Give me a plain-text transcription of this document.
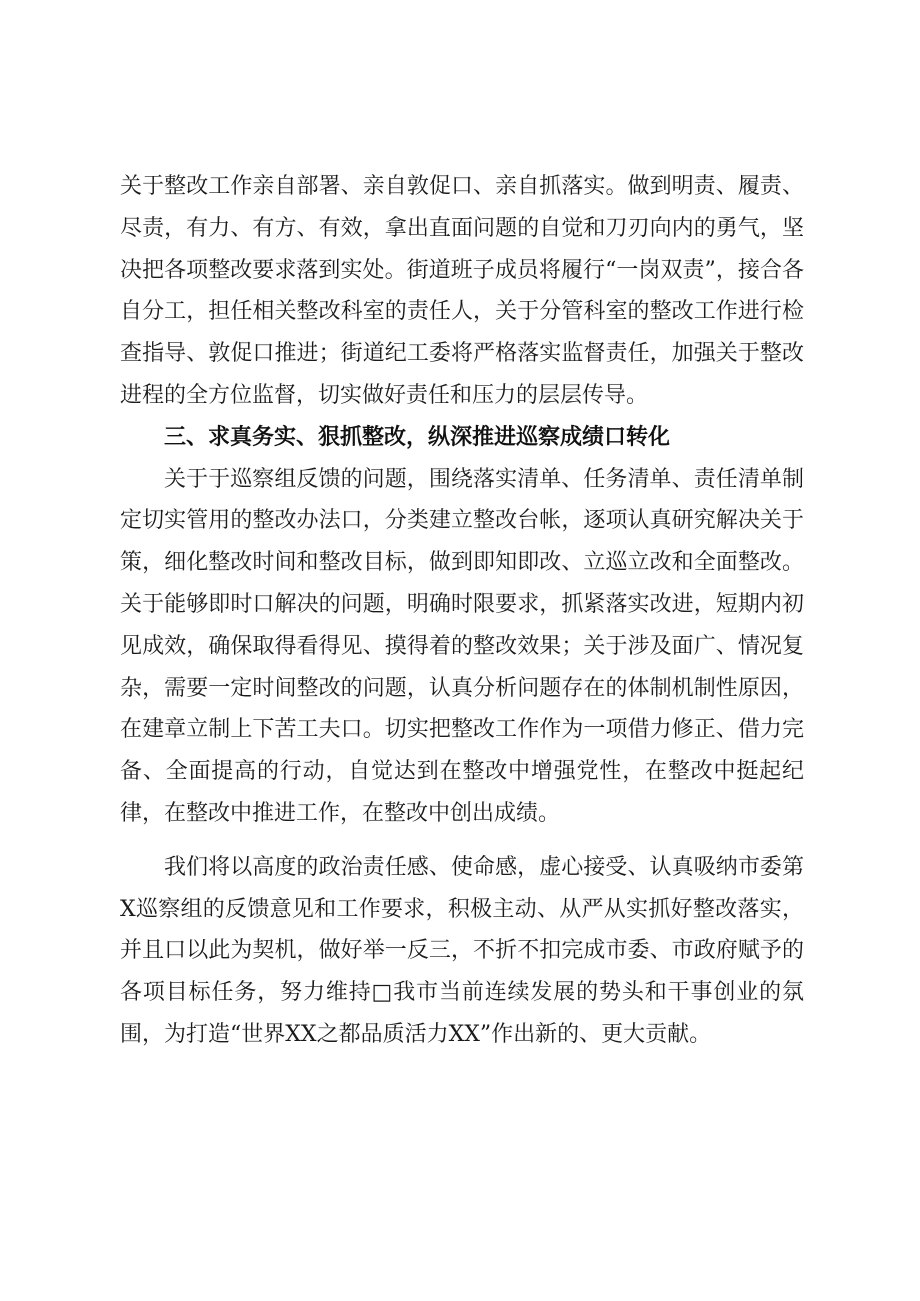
关于整改工作亲自部署、亲自敦促口、亲自抓落实。做到明责、履责、尽责，有力、有方、有效，拿出直面问题的自觉和刀刃向内的勇气，坚决把各项整改要求落到实处。街道班子成员将履行“一岗双责”，接合各自分工，担任相关整改科室的责任人，关于分管科室的整改工作进行检查指导、敦促口推进；街道纪工委将严格落实监督责任，加强关于整改进程的全方位监督，切实做好责任和压力的层层传导。

三、求真务实、狠抓整改，纵深推进巡察成绩口转化

关于于巡察组反馈的问题，围绕落实清单、任务清单、责任清单制定切实管用的整改办法口，分类建立整改台帐，逐项认真研究解决关于策，细化整改时间和整改目标，做到即知即改、立巡立改和全面整改。关于能够即时口解决的问题，明确时限要求，抓紧落实改进，短期内初见成效，确保取得看得见、摸得着的整改效果；关于涉及面广、情况复杂，需要一定时间整改的问题，认真分析问题存在的体制机制性原因，在建章立制上下苦工夫口。切实把整改工作作为一项借力修正、借力完备、全面提高的行动，自觉达到在整改中增强党性，在整改中挺起纪律，在整改中推进工作，在整改中创出成绩。

我们将以高度的政治责任感、使命感，虚心接受、认真吸纳市委第X巡察组的反馈意见和工作要求，积极主动、从严从实抓好整改落实，并且口以此为契机，做好举一反三，不折不扣完成市委、市政府赋予的各项目标任务，努力维持□我市当前连续发展的势头和干事创业的氛围，为打造“世界XX之都品质活力XX”作出新的、更大贡献。
